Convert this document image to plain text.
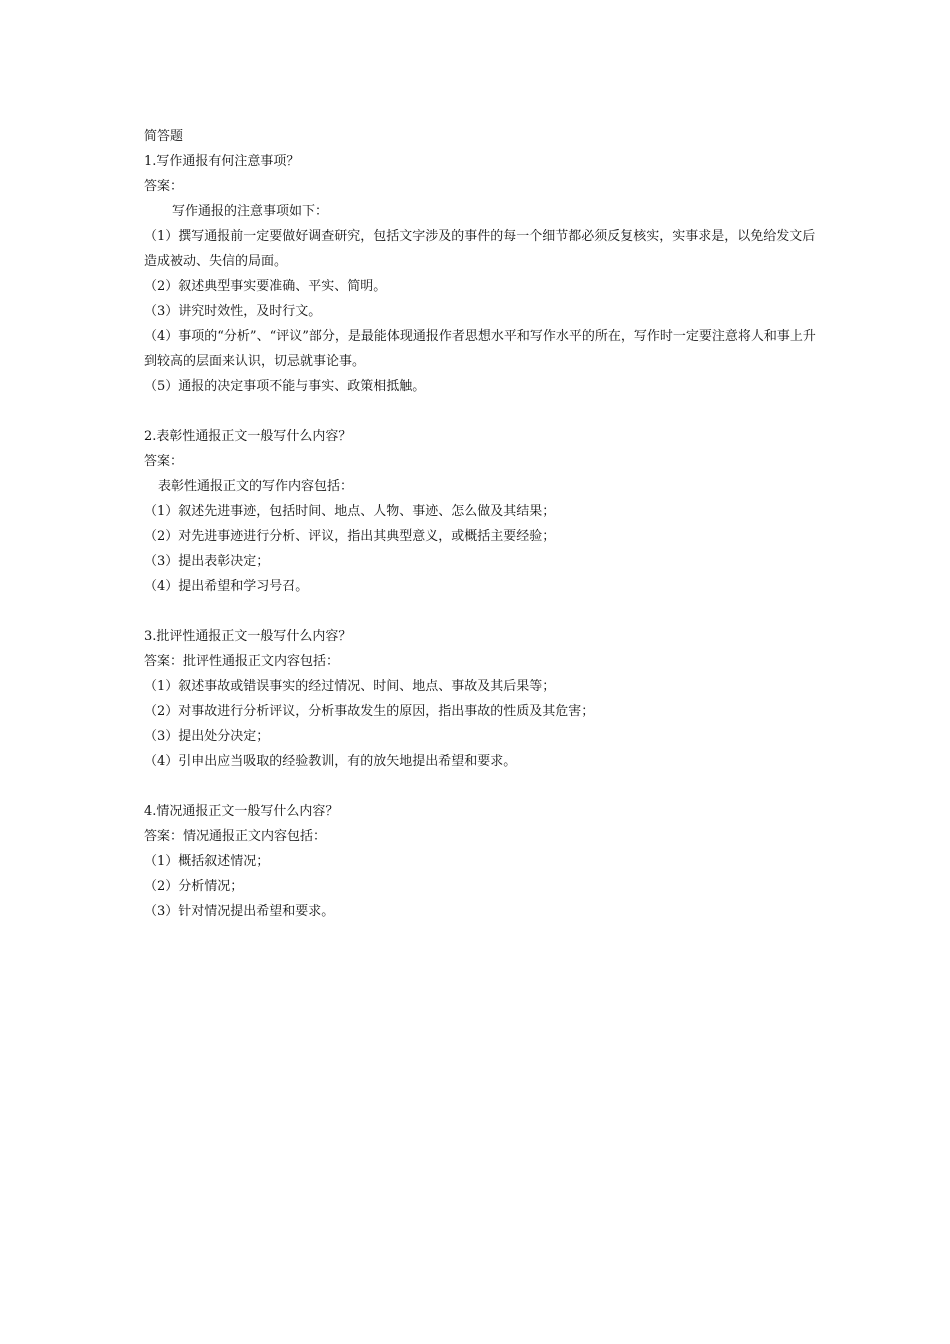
简答题
1.写作通报有何注意事项？
答案：
写作通报的注意事项如下：
（1）撰写通报前一定要做好调查研究，包括文字涉及的事件的每一个细节都必须反复核实，实事求是，以免给发文后造成被动、失信的局面。
（2）叙述典型事实要准确、平实、简明。
（3）讲究时效性，及时行文。
（4）事项的“分析”、“评议”部分，是最能体现通报作者思想水平和写作水平的所在，写作时一定要注意将人和事上升到较高的层面来认识，切忌就事论事。
（5）通报的决定事项不能与事实、政策相抵触。
2.表彰性通报正文一般写什么内容？
答案：
表彰性通报正文的写作内容包括：
（1）叙述先进事迹，包括时间、地点、人物、事迹、怎么做及其结果；
（2）对先进事迹进行分析、评议，指出其典型意义，或概括主要经验；
（3）提出表彰决定；
（4）提出希望和学习号召。
3.批评性通报正文一般写什么内容？
答案：批评性通报正文内容包括：
（1）叙述事故或错误事实的经过情况、时间、地点、事故及其后果等；
（2）对事故进行分析评议，分析事故发生的原因，指出事故的性质及其危害；
（3）提出处分决定；
（4）引申出应当吸取的经验教训，有的放矢地提出希望和要求。
4.情况通报正文一般写什么内容？
答案：情况通报正文内容包括：
（1）概括叙述情况；
（2）分析情况；
（3）针对情况提出希望和要求。
